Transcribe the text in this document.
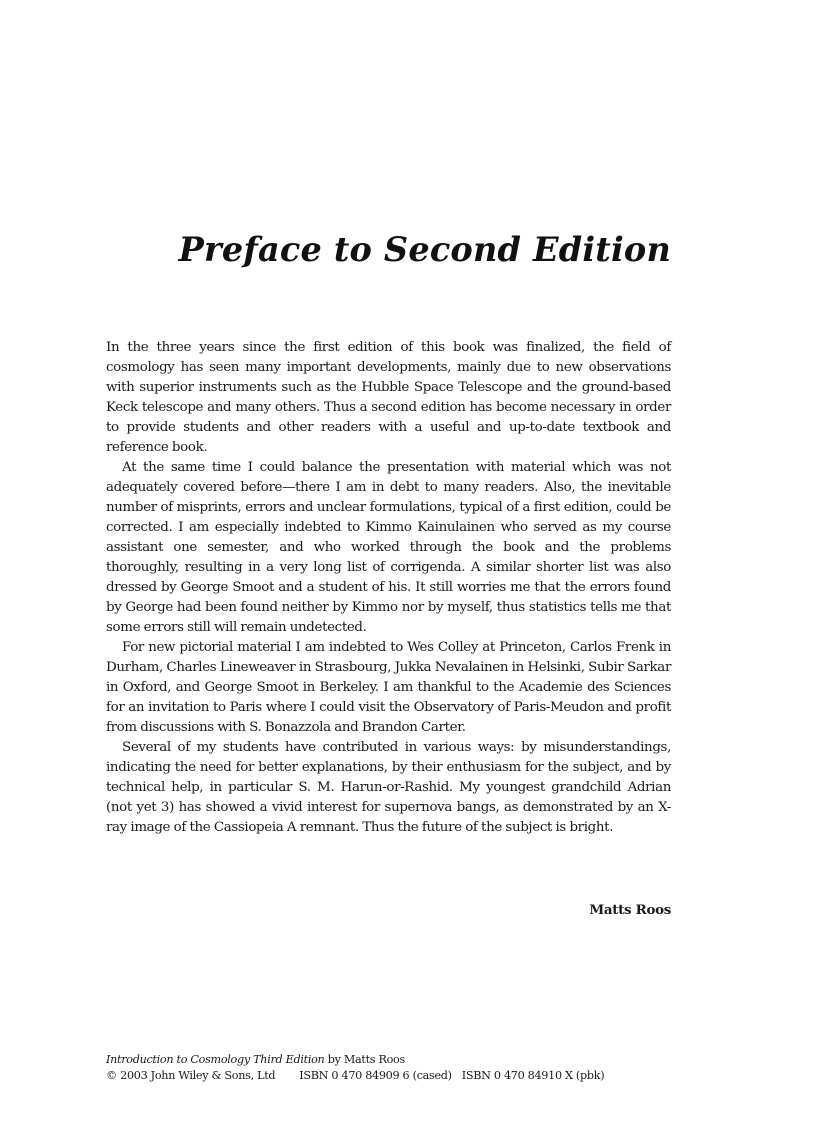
Preface to Second Edition

In the three years since the first edition of this book was finalized, the field of cosmology has seen many important developments, mainly due to new observations with superior instruments such as the Hubble Space Telescope and the ground-based Keck telescope and many others. Thus a second edition has become necessary in order to provide students and other readers with a useful and up-to-date textbook and reference book.

At the same time I could balance the presentation with material which was not adequately covered before—there I am in debt to many readers. Also, the inevitable number of misprints, errors and unclear formulations, typical of a first edition, could be corrected. I am especially indebted to Kimmo Kainulainen who served as my course assistant one semester, and who worked through the book and the problems thoroughly, resulting in a very long list of corrigenda. A similar shorter list was also dressed by George Smoot and a student of his. It still worries me that the errors found by George had been found neither by Kimmo nor by myself, thus statistics tells me that some errors still will remain undetected.

For new pictorial material I am indebted to Wes Colley at Princeton, Carlos Frenk in Durham, Charles Lineweaver in Strasbourg, Jukka Nevalainen in Helsinki, Subir Sarkar in Oxford, and George Smoot in Berkeley. I am thankful to the Academie des Sciences for an invitation to Paris where I could visit the Observatory of Paris-Meudon and profit from discussions with S. Bonazzola and Brandon Carter.

Several of my students have contributed in various ways: by misunderstandings, indicating the need for better explanations, by their enthusiasm for the subject, and by technical help, in particular S. M. Harun-or-Rashid. My youngest grandchild Adrian (not yet 3) has showed a vivid interest for supernova bangs, as demonstrated by an X-ray image of the Cassiopeia A remnant. Thus the future of the subject is bright.

Matts Roos

Introduction to Cosmology Third Edition by Matts Roos
© 2003 John Wiley & Sons, Ltd ISBN 0 470 84909 6 (cased) ISBN 0 470 84910 X (pbk)
